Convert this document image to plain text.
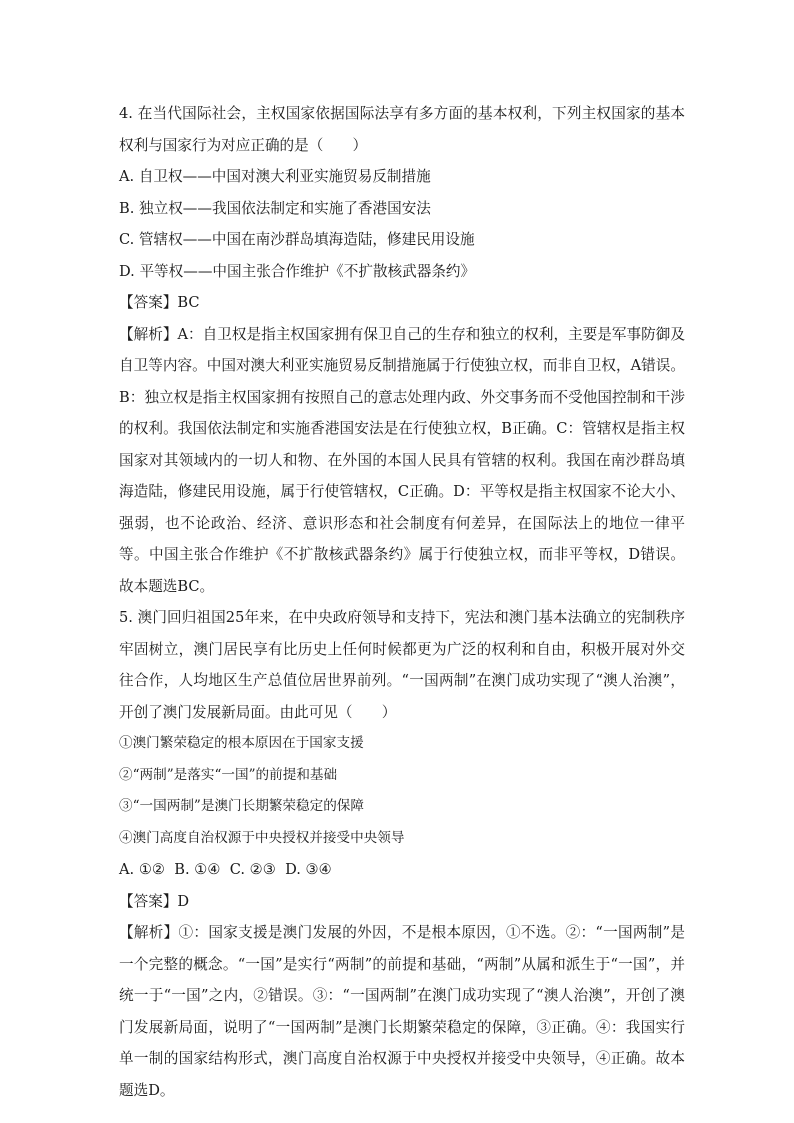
4. 在当代国际社会，主权国家依据国际法享有多方面的基本权利，下列主权国家的基本权利与国家行为对应正确的是（　　）

A. 自卫权——中国对澳大利亚实施贸易反制措施

B. 独立权——我国依法制定和实施了香港国安法

C. 管辖权——中国在南沙群岛填海造陆，修建民用设施

D. 平等权——中国主张合作维护《不扩散核武器条约》

【答案】BC

【解析】A：自卫权是指主权国家拥有保卫自己的生存和独立的权利，主要是军事防御及自卫等内容。中国对澳大利亚实施贸易反制措施属于行使独立权，而非自卫权，A错误。B：独立权是指主权国家拥有按照自己的意志处理内政、外交事务而不受他国控制和干涉的权利。我国依法制定和实施香港国安法是在行使独立权，B正确。C：管辖权是指主权国家对其领域内的一切人和物、在外国的本国人民具有管辖的权利。我国在南沙群岛填海造陆，修建民用设施，属于行使管辖权，C正确。D：平等权是指主权国家不论大小、强弱，也不论政治、经济、意识形态和社会制度有何差异，在国际法上的地位一律平等。中国主张合作维护《不扩散核武器条约》属于行使独立权，而非平等权，D错误。故本题选BC。

5. 澳门回归祖国25年来，在中央政府领导和支持下，宪法和澳门基本法确立的宪制秩序牢固树立，澳门居民享有比历史上任何时候都更为广泛的权利和自由，积极开展对外交往合作，人均地区生产总值位居世界前列。“一国两制”在澳门成功实现了“澳人治澳”，开创了澳门发展新局面。由此可见（　　）

①澳门繁荣稳定的根本原因在于国家支援

②“两制”是落实“一国”的前提和基础

③“一国两制”是澳门长期繁荣稳定的保障

④澳门高度自治权源于中央授权并接受中央领导

A. ①②  B. ①④  C. ②③  D. ③④

【答案】D

【解析】①：国家支援是澳门发展的外因，不是根本原因，①不选。②：“一国两制”是一个完整的概念。“一国”是实行“两制”的前提和基础，“两制”从属和派生于“一国”，并统一于“一国”之内，②错误。③：“一国两制”在澳门成功实现了“澳人治澳”，开创了澳门发展新局面，说明了“一国两制”是澳门长期繁荣稳定的保障，③正确。④：我国实行单一制的国家结构形式，澳门高度自治权源于中央授权并接受中央领导，④正确。故本题选D。
